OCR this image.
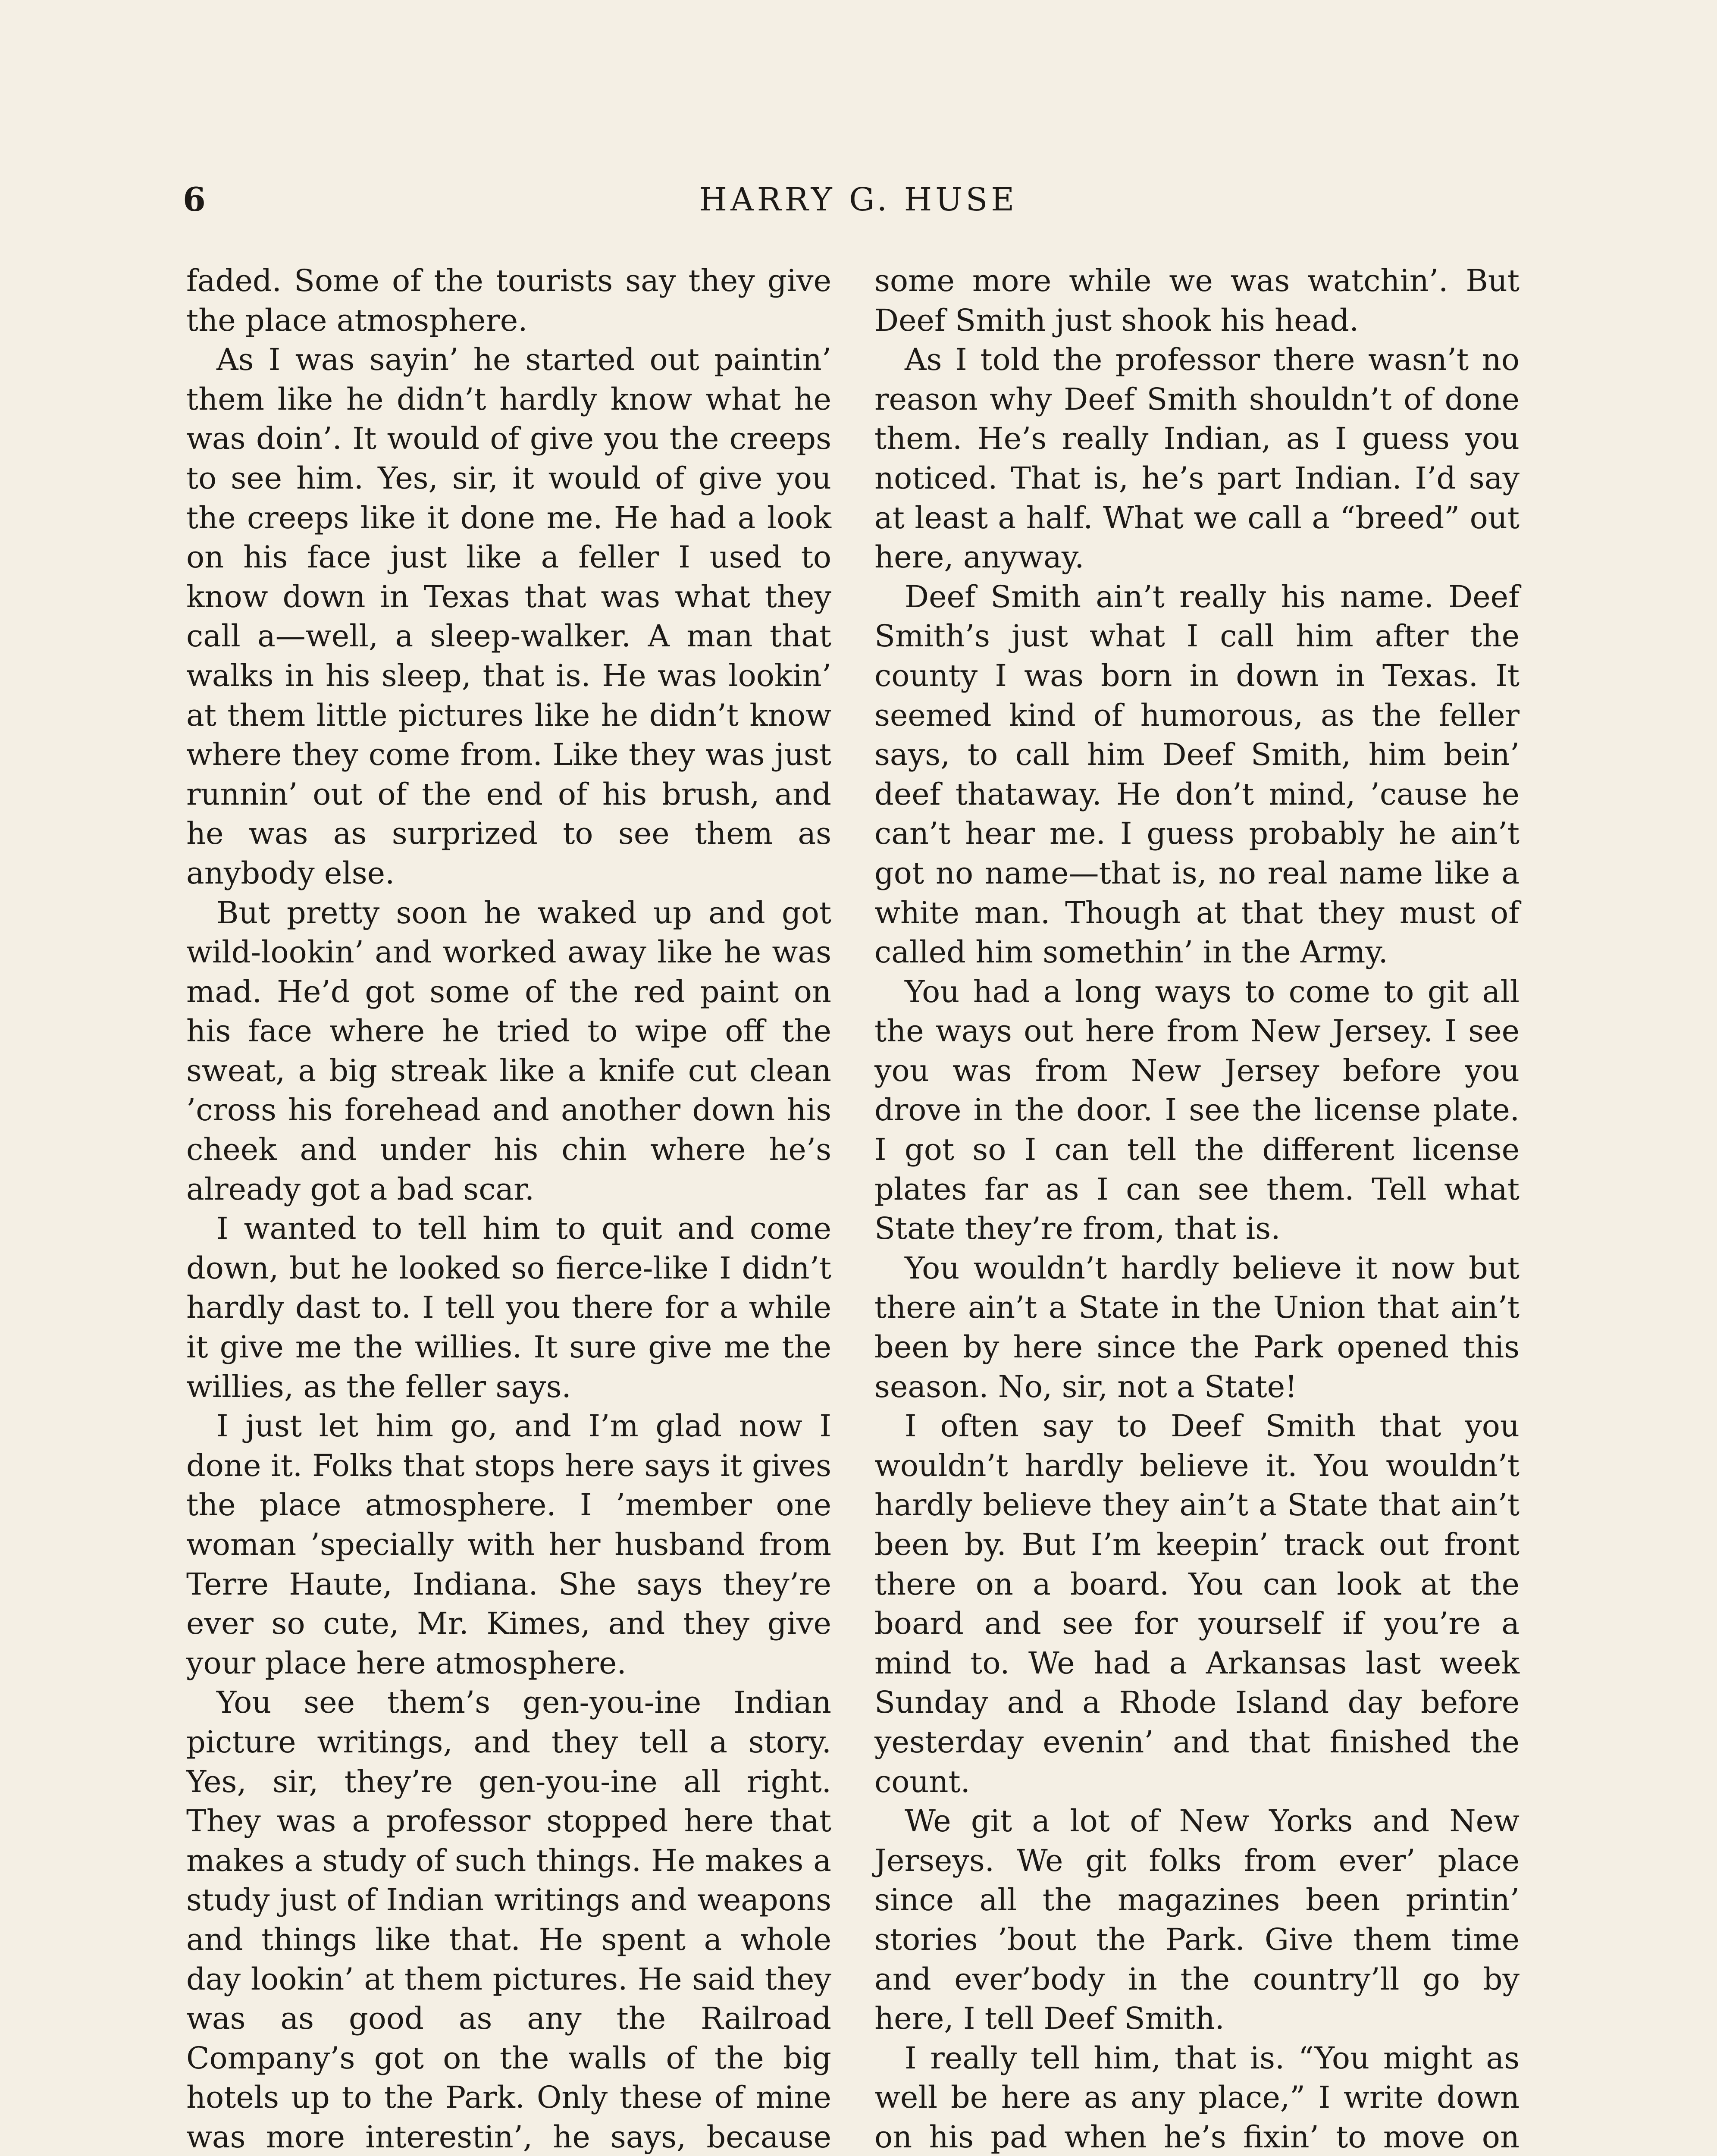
6	HARRY G. HUSE

faded. Some of the tourists say they give the place atmosphere.

As I was sayin’ he started out paintin’ them like he didn’t hardly know what he was doin’. It would of give you the creeps to see him. Yes, sir, it would of give you the creeps like it done me. He had a look on his face just like a feller I used to know down in Texas that was what they call a—well, a sleep-walker. A man that walks in his sleep, that is. He was lookin’ at them little pictures like he didn’t know where they come from. Like they was just runnin’ out of the end of his brush, and he was as surprized to see them as anybody else.

But pretty soon he waked up and got wild-lookin’ and worked away like he was mad. He’d got some of the red paint on his face where he tried to wipe off the sweat, a big streak like a knife cut clean ’cross his forehead and another down his cheek and under his chin where he’s already got a bad scar.

I wanted to tell him to quit and come down, but he looked so fierce-like I didn’t hardly dast to. I tell you there for a while it give me the willies. It sure give me the willies, as the feller says.

I just let him go, and I’m glad now I done it. Folks that stops here says it gives the place atmosphere. I ’member one woman ’specially with her husband from Terre Haute, Indiana. She says they’re ever so cute, Mr. Kimes, and they give your place here atmosphere.

You see them’s gen-you-ine Indian picture writings, and they tell a story. Yes, sir, they’re gen-you-ine all right. They was a professor stopped here that makes a study of such things. He makes a study just of Indian writings and weapons and things like that. He spent a whole day lookin’ at them pictures. He said they was as good as any the Railroad Company’s got on the walls of the big hotels up to the Park. Only these of mine was more interestin’, he says, because

some more while we was watchin’. But Deef Smith just shook his head.

As I told the professor there wasn’t no reason why Deef Smith shouldn’t of done them. He’s really Indian, as I guess you noticed. That is, he’s part Indian. I’d say at least a half. What we call a “breed” out here, anyway.

Deef Smith ain’t really his name. Deef Smith’s just what I call him after the county I was born in down in Texas. It seemed kind of humorous, as the feller says, to call him Deef Smith, him bein’ deef thataway. He don’t mind, ’cause he can’t hear me. I guess probably he ain’t got no name—that is, no real name like a white man. Though at that they must of called him somethin’ in the Army.

You had a long ways to come to git all the ways out here from New Jersey. I see you was from New Jersey before you drove in the door. I see the license plate. I got so I can tell the different license plates far as I can see them. Tell what State they’re from, that is.

You wouldn’t hardly believe it now but there ain’t a State in the Union that ain’t been by here since the Park opened this season. No, sir, not a State!

I often say to Deef Smith that you wouldn’t hardly believe it. You wouldn’t hardly believe they ain’t a State that ain’t been by. But I’m keepin’ track out front there on a board. You can look at the board and see for yourself if you’re a mind to. We had a Arkansas last week Sunday and a Rhode Island day before yesterday evenin’ and that finished the count.

We git a lot of New Yorks and New Jerseys. We git folks from ever’ place since all the magazines been printin’ stories ’bout the Park. Give them time and ever’body in the country’ll go by here, I tell Deef Smith.

I really tell him, that is. “You might as well be here as any place,” I write down on his pad when he’s fixin’ to move on
